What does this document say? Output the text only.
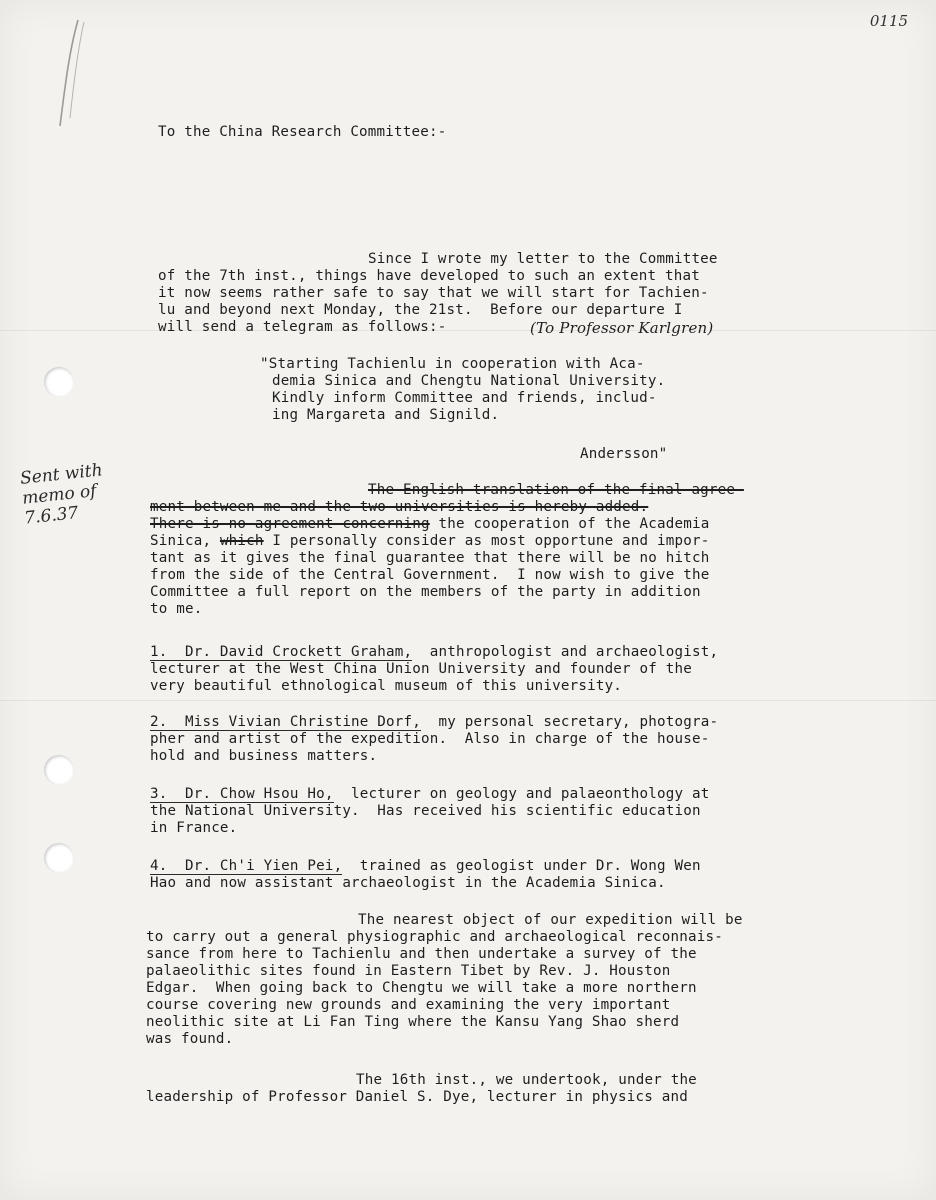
0115
Sent with
memo of
7.6.37
To the China Research Committee:-
Since I wrote my letter to the Committee
of the 7th inst., things have developed to such an extent that
it now seems rather safe to say that we will start for Tachien-
lu and beyond next Monday, the 21st.  Before our departure I
will send a telegram as follows:-	(To Professor Karlgren)
"Starting Tachienlu in cooperation with Aca-
demia Sinica and Chengtu National University.
Kindly inform Committee and friends, includ-
ing Margareta and Signild.
Andersson"
The English translation of the final agree-
ment between me and the two universities is hereby added.
There is no agreement concerning the cooperation of the Academia
Sinica, which I personally consider as most opportune and impor-
tant as it gives the final guarantee that there will be no hitch
from the side of the Central Government.  I now wish to give the
Committee a full report on the members of the party in addition
to me.
1.  Dr. David Crockett Graham,  anthropologist and archaeologist,
lecturer at the West China Union University and founder of the
very beautiful ethnological museum of this university.
2.  Miss Vivian Christine Dorf,  my personal secretary, photogra-
pher and artist of the expedition.  Also in charge of the house-
hold and business matters.
3.  Dr. Chow Hsou Ho,  lecturer on geology and palaeonthology at
the National University.  Has received his scientific education
in France.
4.  Dr. Ch'i Yien Pei,  trained as geologist under Dr. Wong Wen
Hao and now assistant archaeologist in the Academia Sinica.
The nearest object of our expedition will be
to carry out a general physiographic and archaeological reconnais-
sance from here to Tachienlu and then undertake a survey of the
palaeolithic sites found in Eastern Tibet by Rev. J. Houston
Edgar.  When going back to Chengtu we will take a more northern
course covering new grounds and examining the very important
neolithic site at Li Fan Ting where the Kansu Yang Shao sherd
was found.
The 16th inst., we undertook, under the
leadership of Professor Daniel S. Dye, lecturer in physics and
